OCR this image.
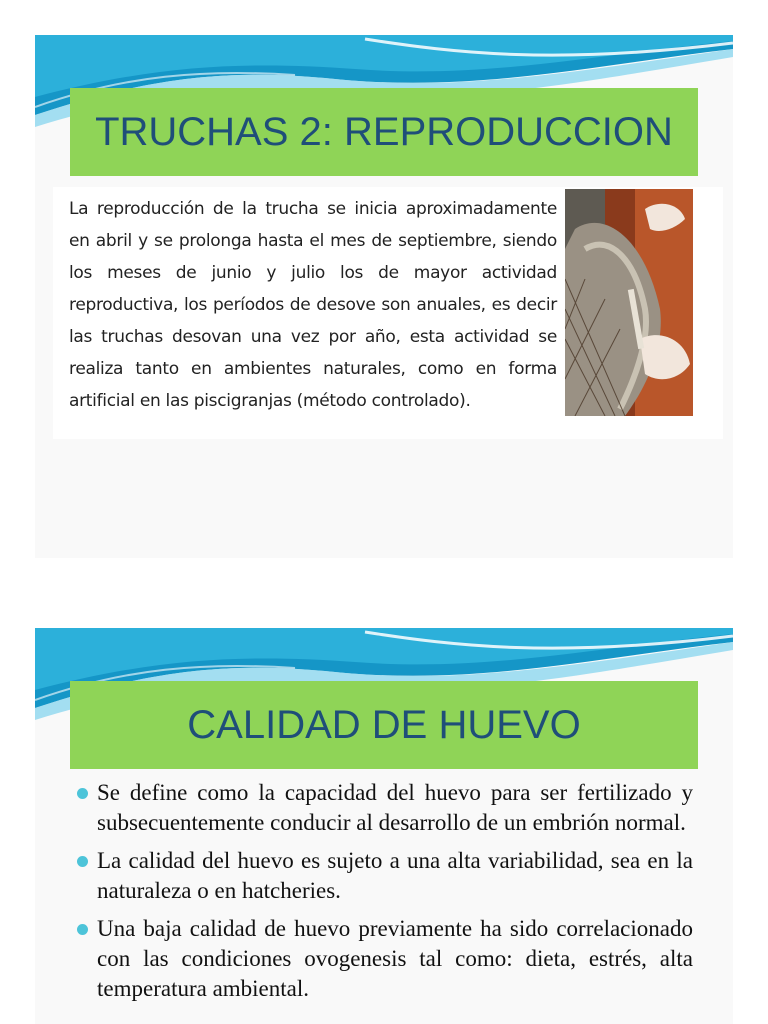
TRUCHAS 2: REPRODUCCION
La reproducción de la trucha se inicia aproximadamente en abril y se prolonga hasta el mes de septiembre, siendo los meses de junio y julio los de mayor actividad reproductiva, los períodos de desove son anuales, es decir las truchas desovan una vez por año, esta actividad se realiza tanto en ambientes naturales, como en forma artificial en las piscigranjas (método controlado).
CALIDAD DE HUEVO
Se define como la capacidad del huevo para ser fertilizado y subsecuentemente conducir al desarrollo de un embrión normal.
La calidad del huevo es sujeto a una alta variabilidad, sea en la naturaleza o en hatcheries.
Una baja calidad de huevo previamente ha sido correlacionado con las condiciones ovogenesis tal como: dieta, estrés, alta temperatura ambiental.
